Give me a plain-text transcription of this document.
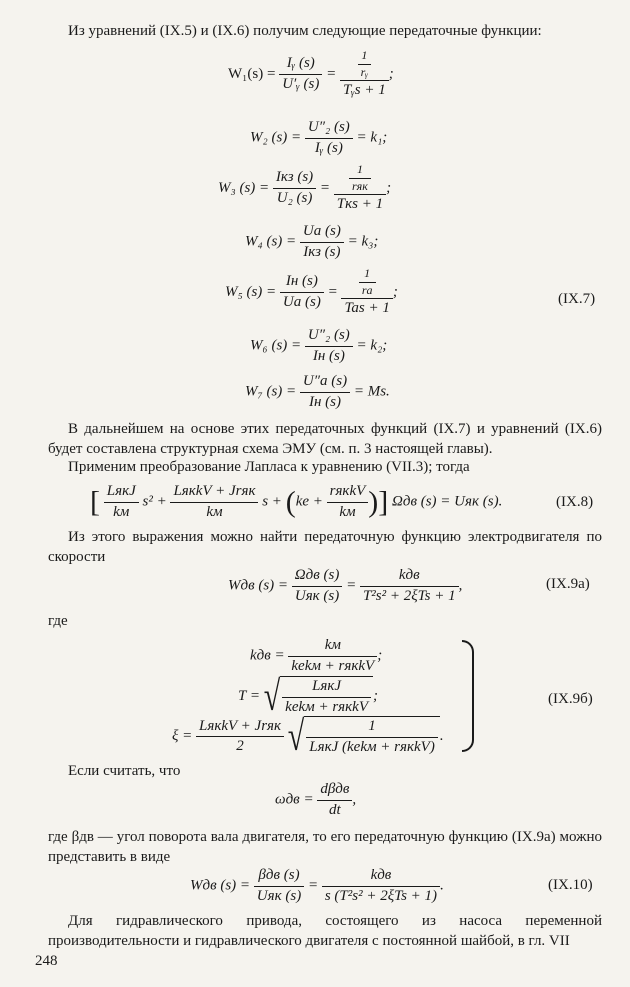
Из уравнений (IX.5) и (IX.6) получим следующие передаточные функции:
$W_1(s) = \frac{\text{Iᵧ (s)}}{\text{U′ᵧ (s)}} = \frac{\frac{1}{\text{rᵧ}}}{\text{Tᵧs + 1}}$ ;
W₂ $(s) = \frac{\text{U″₂ (s)}}{\text{Iᵧ (s)}} = k_1$;
W₃ $(s) = \frac{\text{Iкз (s)}}{\text{U₂ (s)}} = \frac{\frac{1}{\text{rяк}}}{\text{Tкs + 1}}$ ;
W₄ $(s) = \frac{Ua (s)}{\text{Iкз (s)}} = k_3$;
W₅ $(s) = \frac{Iн (s)}{Ua (s)} = \frac{\frac{1}{ra}}{\text{Tas + 1}}$ ;	(IX.7)
W₆ $(s) = \frac{\text{U″₂ (s)}}{Iн (s)} = k_2$;
W₇ $(s) = \frac{U''a (s)}{Iн (s)} = Ms$.
В дальнейшем на основе этих передаточных функций (IX.7) и уравнений (IX.6) будет составлена структурная схема ЭМУ (см. п. 3 настоящей главы).
Применим преобразование Лапласа к уравнению (VII.3); тогда
[ $\frac{\text{LякJ}}{kм} s^2 + \frac{\text{LякkV + Jrяк}}{kм}$ $s + (ke + \frac{\text{rякkV}}{kм}$ )] Ωдв (s) = Uяк (s).	(IX.8)
Из этого выражения можно найти передаточную функцию электродвигателя по скорости
Wдв $(s) = \frac{\text{Ωдв (s)}}{\text{Uяк (s)}} = \frac{\text{kдв}}{\text{T²s² + 2ξTs + 1}}$ ,	(IX.9а)
где
kдв = $\frac{kм}{\text{kekм + rякkV}}$ ;
T = √ $\frac{\text{LякJ}}{\text{kekм + rякkV}}$ ;
$\xi = \frac{\text{LякkV + Jrяк}}{2}$ √ $\frac{1}{\text{LякJ (kekм + rякkV)}}$ .
(IX.9б)
Если считать, что
$\omega дв = \frac{\text{dβдв}}{dt}$ ,
где βдв — угол поворота вала двигателя, то его передаточную функцию (IX.9а) можно представить в виде
Wдв $(s) = \frac{\text{βдв (s)}}{\text{Uяк (s)}} = \frac{\text{kдв}}{\text{s (T²s² + 2ξTs + 1)}}$ .	(IX.10)
Для гидравлического привода, состоящего из насоса переменной производительности и гидравлического двигателя с постоянной шайбой, в гл. VII
248
